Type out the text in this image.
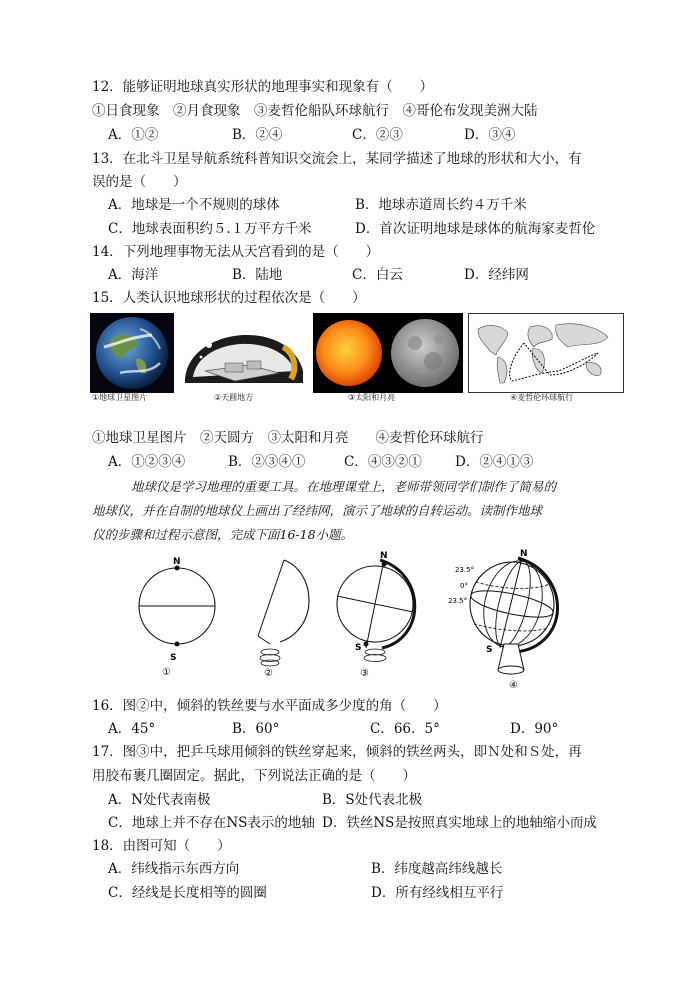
12．能够证明地球真实形状的地理事实和现象有（　　）
①日食现象　②月食现象　③麦哲伦船队环球航行　④哥伦布发现美洲大陆
A．①②	B．②④	C．②③	D．③④
13．在北斗卫星导航系统科普知识交流会上，某同学描述了地球的形状和大小，有
误的是（　　）
A．地球是一个不规则的球体	B．地球赤道周长约４万千米
C．地球表面积约５.１万平方千米	D．首次证明地球是球体的航海家麦哲伦
14．下列地理事物无法从天宫看到的是（　　）
A．海洋	B．陆地	C．白云	D．经纬网
15．人类认识地球形状的过程依次是（　　）
①地球卫星图片	②天圆地方	③太阳和月亮	④麦哲伦环球航行
①地球卫星图片　②天圆方　③太阳和月亮　　④麦哲伦环球航行
A．①②③④	B．②③④①	C．④③②① D．②④①③
地球仪是学习地理的重要工具。在地理课堂上，老师带领同学们制作了简易的
地球仪，并在自制的地球仪上画出了经纬网，演示了地球的自转运动。读制作地球
仪的步骤和过程示意图，完成下面16-18小题。
N
S
①	②
N
S
③
23.5°
0°
23.5°
N
S
④
16．图②中，倾斜的铁丝要与水平面成多少度的角（　　）
A．45°	B．60°	C．66．5°	D．90°
17．图③中，把乒乓球用倾斜的铁丝穿起来，倾斜的铁丝两头，即Ｎ处和Ｓ处，再
用胶布裹几圈固定。据此，下列说法正确的是（　　）
A．N处代表南极	B．S处代表北极
C．地球上并不存在NS表示的地轴 D．铁丝NS是按照真实地球上的地轴缩小而成
18．由图可知（　　）
A．纬线指示东西方向	B．纬度越高纬线越长
C．经线是长度相等的圆圈	D．所有经线相互平行
